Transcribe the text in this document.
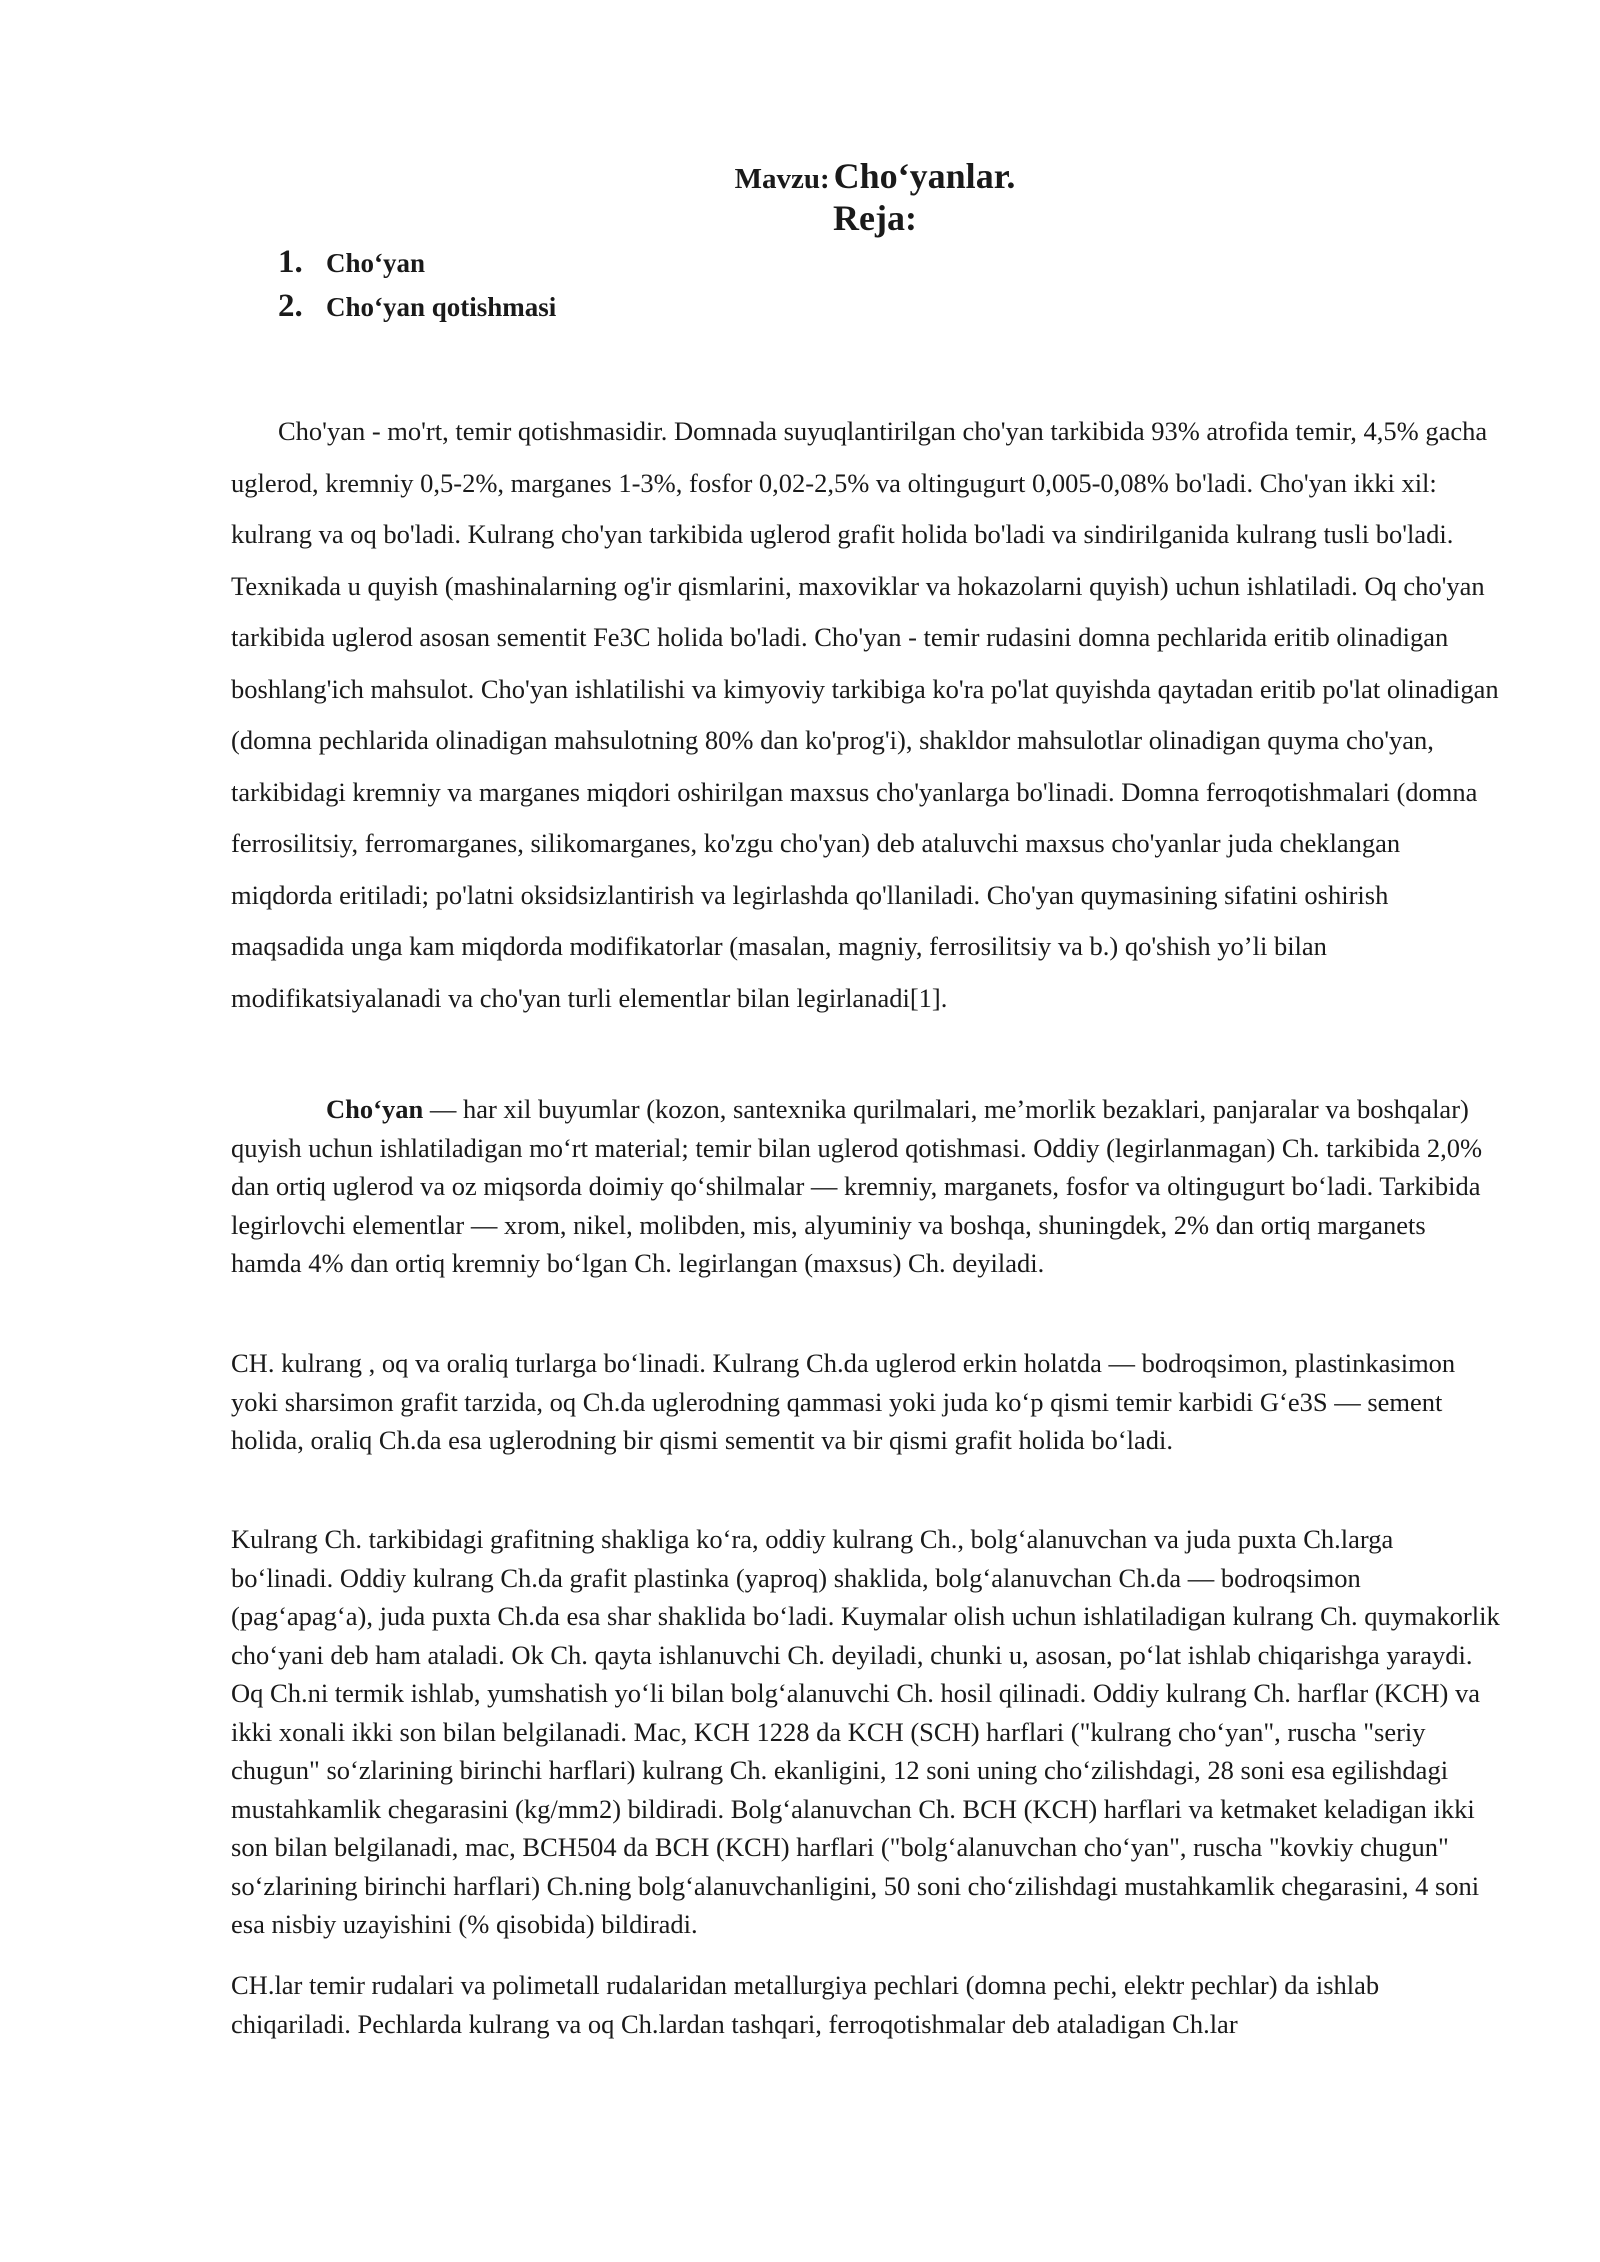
Mavzu: Cho‘yanlar.
Reja:
1. Cho‘yan
2. Cho‘yan qotishmasi

Cho'yan - mo'rt, temir qotishmasidir. Domnada suyuqlantirilgan cho'yan tarkibida 93% atrofida temir, 4,5% gacha uglerod, kremniy 0,5-2%, marganes 1-3%, fosfor 0,02-2,5% va oltingugurt 0,005-0,08% bo'ladi. Cho'yan ikki xil: kulrang va oq bo'ladi. Kulrang cho'yan tarkibida uglerod grafit holida bo'ladi va sindirilganida kulrang tusli bo'ladi. Texnikada u quyish (mashinalarning og'ir qismlarini, maxoviklar va hokazolarni quyish) uchun ishlatiladi. Oq cho'yan tarkibida uglerod asosan sementit Fe3C holida bo'ladi. Cho'yan - temir rudasini domna pechlarida eritib olinadigan boshlang'ich mahsulot. Cho'yan ishlatilishi va kimyoviy tarkibiga ko'ra po'lat quyishda qaytadan eritib po'lat olinadigan (domna pechlarida olinadigan mahsulotning 80% dan ko'prog'i), shakldor mahsulotlar olinadigan quyma cho'yan, tarkibidagi kremniy va marganes miqdori oshirilgan maxsus cho'yanlarga bo'linadi. Domna ferroqotishmalari (domna ferrosilitsiy, ferromarganes, silikomarganes, ko'zgu cho'yan) deb ataluvchi maxsus cho'yanlar juda cheklangan miqdorda eritiladi; po'latni oksidsizlantirish va legirlashda qo'llaniladi. Cho'yan quymasining sifatini oshirish maqsadida unga kam miqdorda modifikatorlar (masalan, magniy, ferrosilitsiy va b.) qo'shish yo’li bilan modifikatsiyalanadi va cho'yan turli elementlar bilan legirlanadi[1].

Cho‘yan — har xil buyumlar (kozon, santexnika qurilmalari, me’morlik bezaklari, panjaralar va boshqalar) quyish uchun ishlatiladigan mo‘rt material; temir bilan uglerod qotishmasi. Oddiy (legirlanmagan) Ch. tarkibida 2,0% dan ortiq uglerod va oz miqsorda doimiy qo‘shilmalar — kremniy, marganets, fosfor va oltingugurt bo‘ladi. Tarkibida legirlovchi elementlar — xrom, nikel, molibden, mis, alyuminiy va boshqa, shuningdek, 2% dan ortiq marganets hamda 4% dan ortiq kremniy bo‘lgan Ch. legirlangan (maxsus) Ch. deyiladi.

CH. kulrang , oq va oraliq turlarga bo‘linadi. Kulrang Ch.da uglerod erkin holatda — bodroqsimon, plastinkasimon yoki sharsimon grafit tarzida, oq Ch.da uglerodning qammasi yoki juda ko‘p qismi temir karbidi G‘e3S — sement holida, oraliq Ch.da esa uglerodning bir qismi sementit va bir qismi grafit holida bo‘ladi.

Kulrang Ch. tarkibidagi grafitning shakliga ko‘ra, oddiy kulrang Ch., bolg‘alanuvchan va juda puxta Ch.larga bo‘linadi. Oddiy kulrang Ch.da grafit plastinka (yaproq) shaklida, bolg‘alanuvchan Ch.da — bodroqsimon (pag‘apag‘a), juda puxta Ch.da esa shar shaklida bo‘ladi. Kuymalar olish uchun ishlatiladigan kulrang Ch. quymakorlik cho‘yani deb ham ataladi. Ok Ch. qayta ishlanuvchi Ch. deyiladi, chunki u, asosan, po‘lat ishlab chiqarishga yaraydi. Oq Ch.ni termik ishlab, yumshatish yo‘li bilan bolg‘alanuvchi Ch. hosil qilinadi. Oddiy kulrang Ch. harflar (KCH) va ikki xonali ikki son bilan belgilanadi. Mac, KCH 1228 da KCH (SCH) harflari ("kulrang cho‘yan", ruscha "seriy chugun" so‘zlarining birinchi harflari) kulrang Ch. ekanligini, 12 soni uning cho‘zilishdagi, 28 soni esa egilishdagi mustahkamlik chegarasini (kg/mm2) bildiradi. Bolg‘alanuvchan Ch. BCH (KCH) harflari va ketmaket keladigan ikki son bilan belgilanadi, mac, BCH504 da BCH (KCH) harflari ("bolg‘alanuvchan cho‘yan", ruscha "kovkiy chugun" so‘zlarining birinchi harflari) Ch.ning bolg‘alanuvchanligini, 50 soni cho‘zilishdagi mustahkamlik chegarasini, 4 soni esa nisbiy uzayishini (% qisobida) bildiradi.

CH.lar temir rudalari va polimetall rudalaridan metallurgiya pechlari (domna pechi, elektr pechlar) da ishlab chiqariladi. Pechlarda kulrang va oq Ch.lardan tashqari, ferroqotishmalar deb ataladigan Ch.lar
